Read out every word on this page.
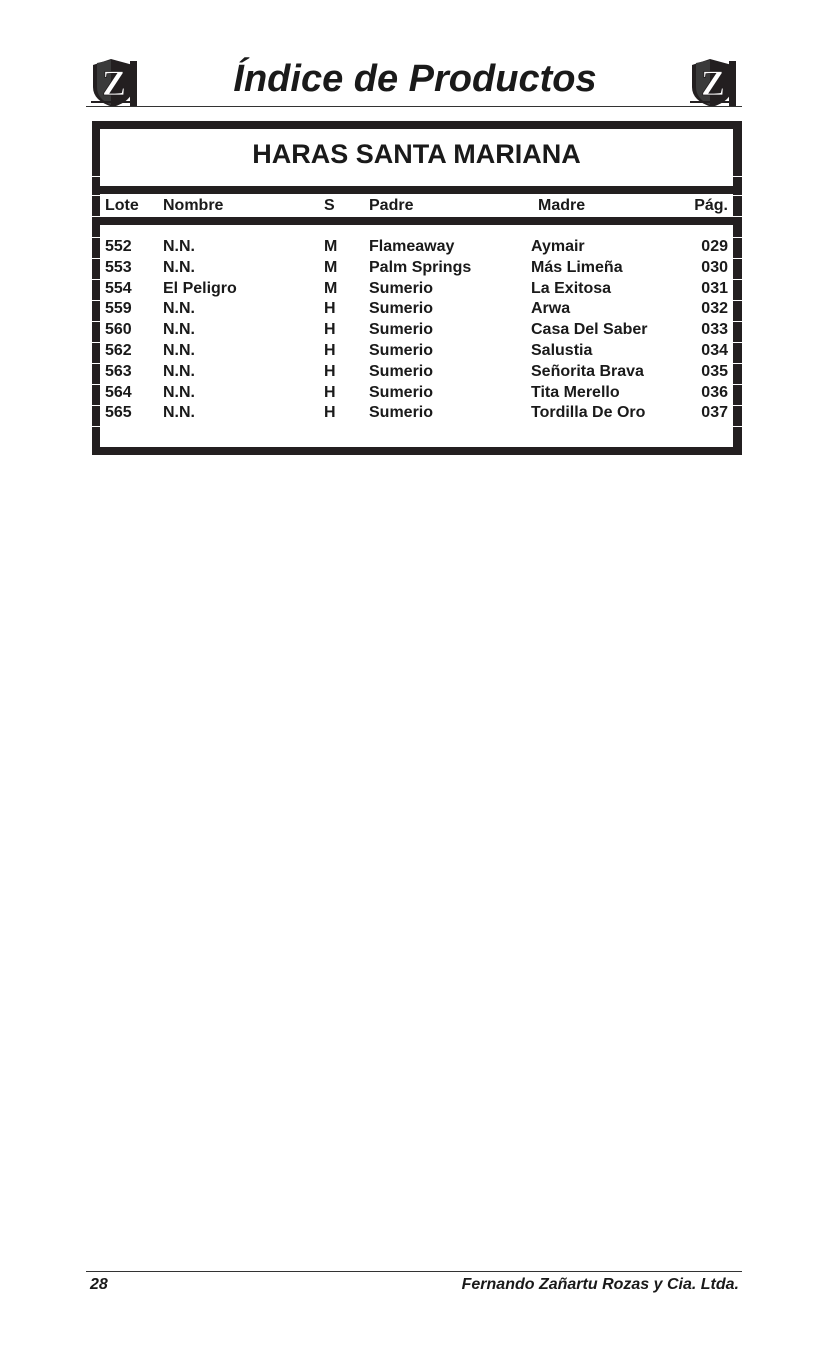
Z	Índice de Productos	Z
HARAS SANTA MARIANA
Lote Nombre	S Padre	Madre	Pág.
552 N.N.	M Flameaway	Aymair	029
553 N.N.	M Palm Springs	Más Limeña	030
554 El Peligro	M Sumerio	La Exitosa	031
559 N.N.	H Sumerio	Arwa	032
560 N.N.	H Sumerio	Casa Del Saber	033
562 N.N.	H Sumerio	Salustia	034
563 N.N.	H Sumerio	Señorita Brava	035
564 N.N.	H Sumerio	Tita Merello	036
565 N.N.	H Sumerio	Tordilla De Oro	037
28	Fernando Zañartu Rozas y Cia. Ltda.
